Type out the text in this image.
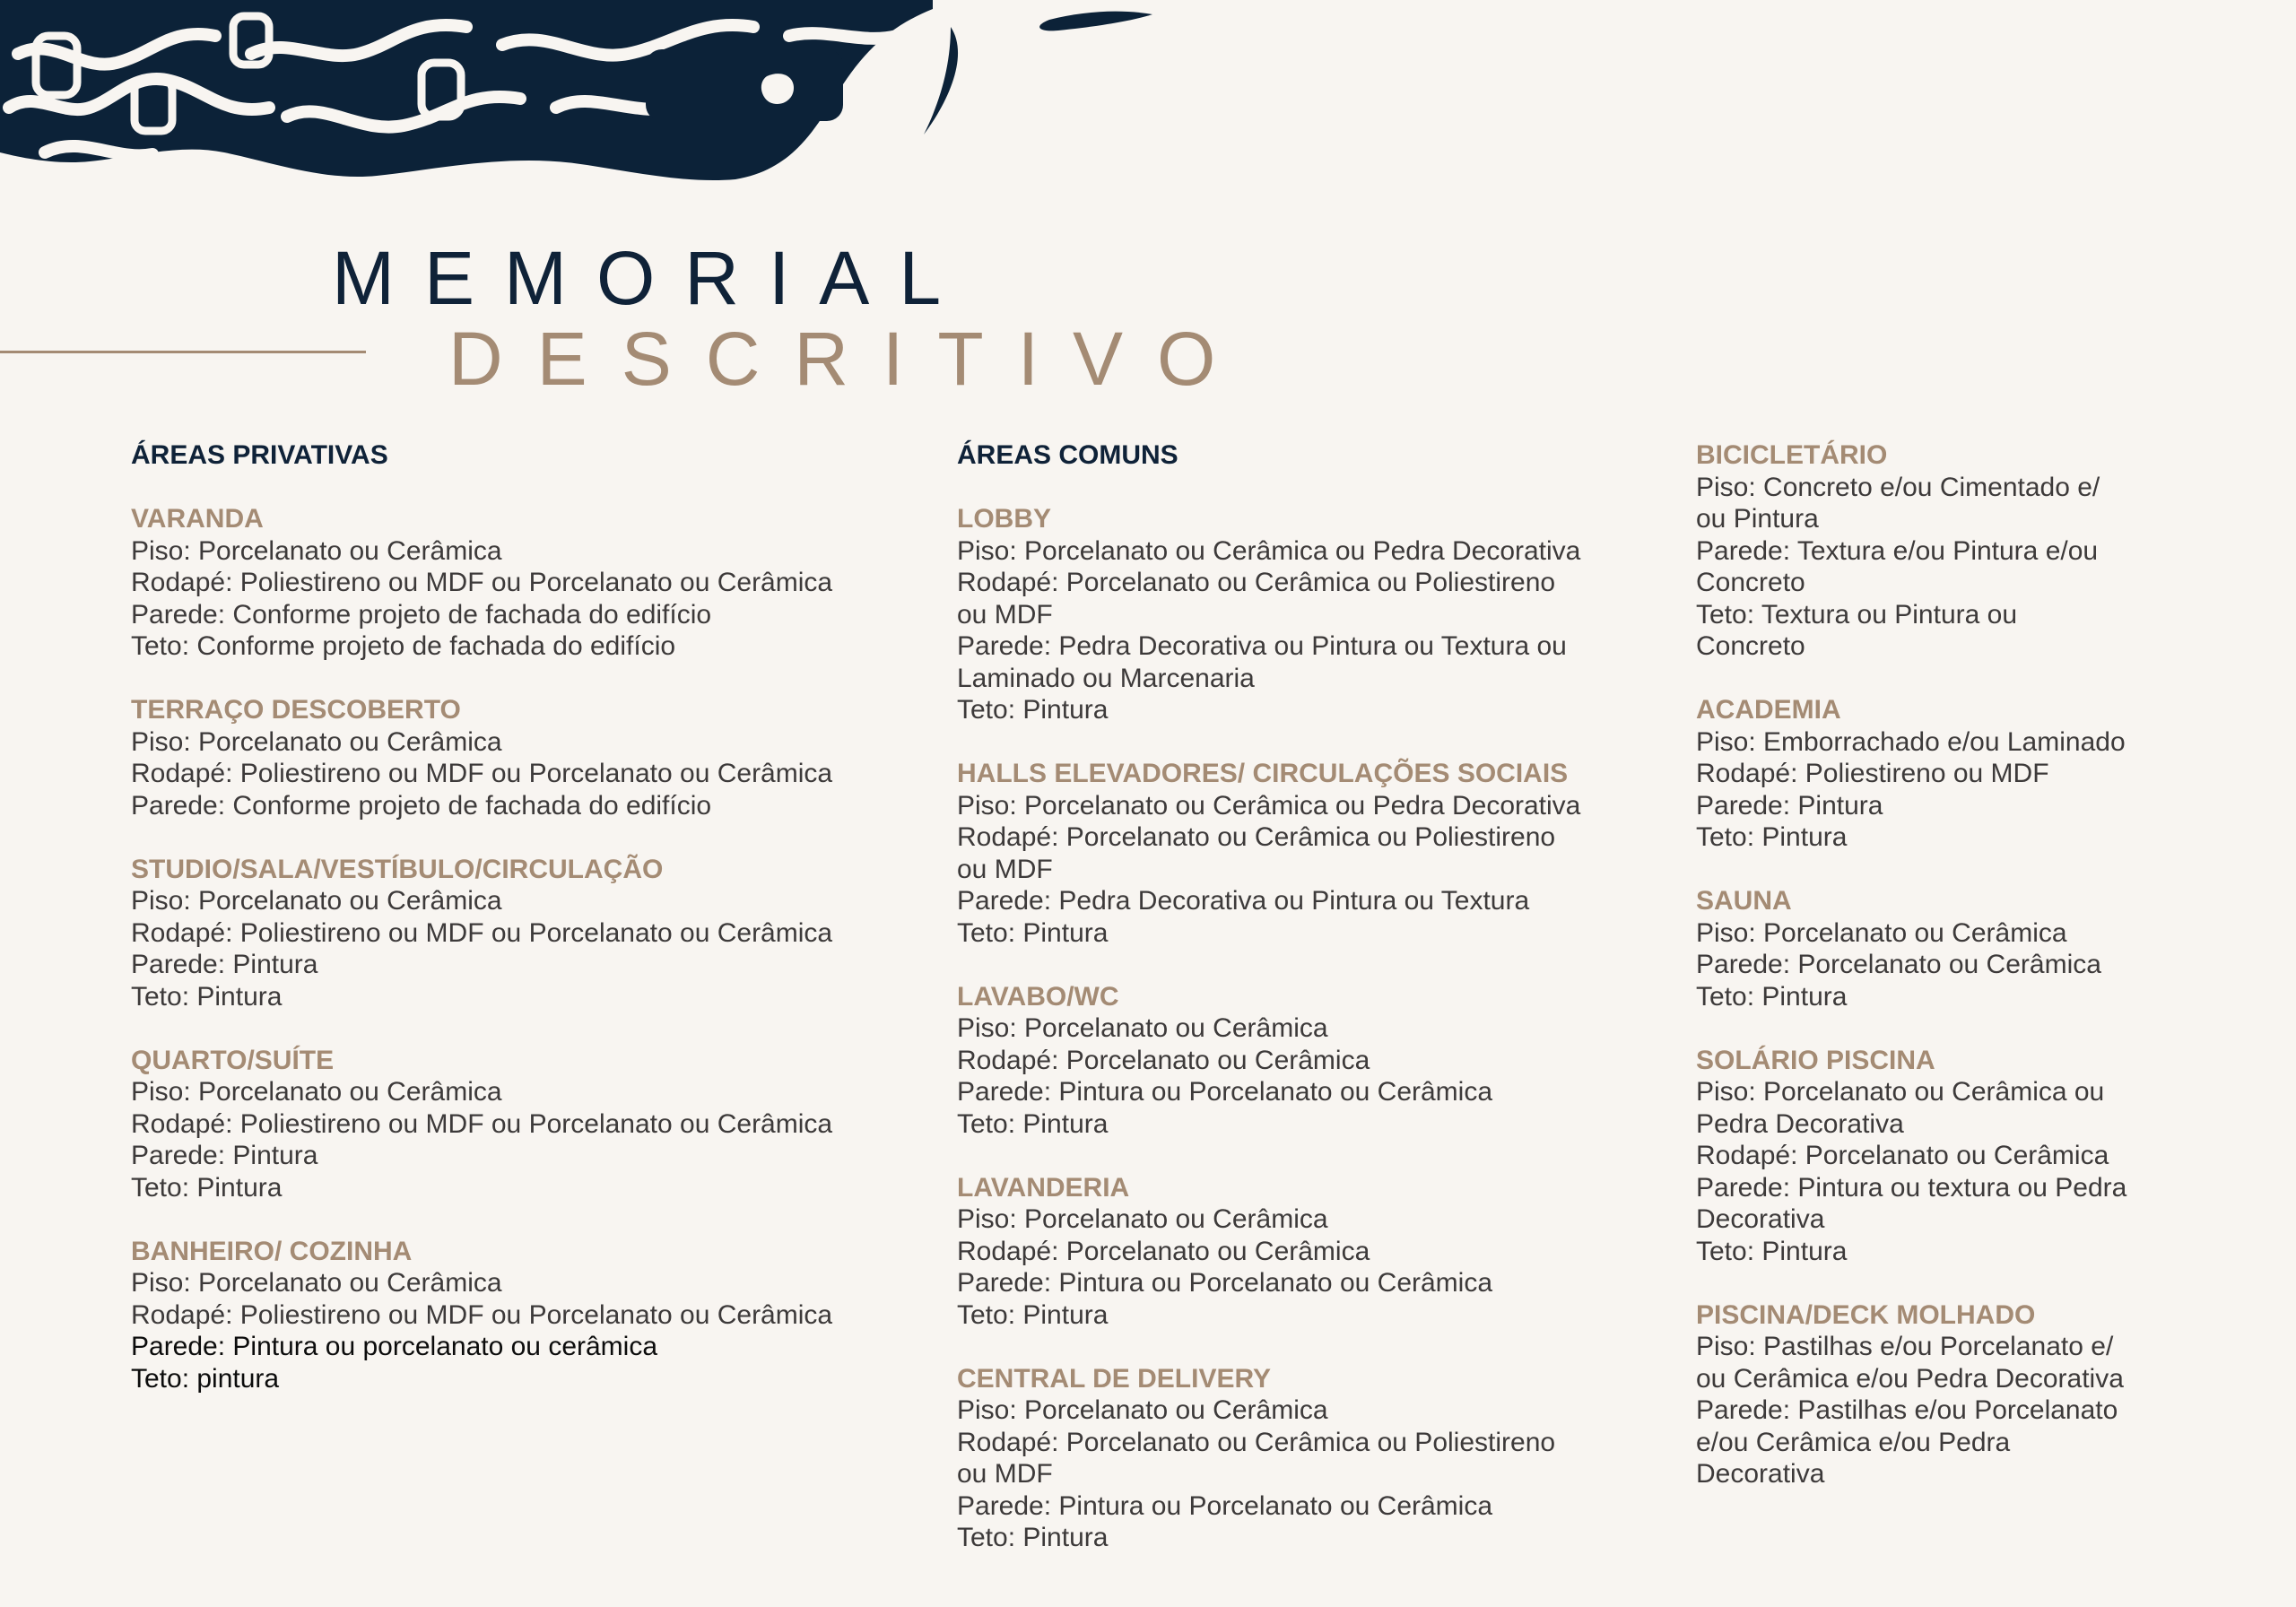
MEMORIAL
DESCRITIVO
ÁREAS PRIVATIVAS
VARANDA
Piso: Porcelanato ou Cerâmica
Rodapé: Poliestireno ou MDF ou Porcelanato ou Cerâmica
Parede: Conforme projeto de fachada do edifício
Teto: Conforme projeto de fachada do edifício
TERRAÇO DESCOBERTO
Piso: Porcelanato ou Cerâmica
Rodapé: Poliestireno ou MDF ou Porcelanato ou Cerâmica
Parede: Conforme projeto de fachada do edifício
STUDIO/SALA/VESTÍBULO/CIRCULAÇÃO
Piso: Porcelanato ou Cerâmica
Rodapé: Poliestireno ou MDF ou Porcelanato ou Cerâmica
Parede: Pintura
Teto: Pintura
QUARTO/SUÍTE
Piso: Porcelanato ou Cerâmica
Rodapé: Poliestireno ou MDF ou Porcelanato ou Cerâmica
Parede: Pintura
Teto: Pintura
BANHEIRO/ COZINHA
Piso: Porcelanato ou Cerâmica
Rodapé: Poliestireno ou MDF ou Porcelanato ou Cerâmica
Parede: Pintura ou porcelanato ou cerâmica
Teto: pintura
ÁREAS COMUNS
LOBBY
Piso: Porcelanato ou Cerâmica ou Pedra Decorativa
Rodapé: Porcelanato ou Cerâmica ou Poliestireno
ou MDF
Parede: Pedra Decorativa ou Pintura ou Textura ou
Laminado ou Marcenaria
Teto: Pintura
HALLS ELEVADORES/ CIRCULAÇÕES SOCIAIS
Piso: Porcelanato ou Cerâmica ou Pedra Decorativa
Rodapé: Porcelanato ou Cerâmica ou Poliestireno
ou MDF
Parede: Pedra Decorativa ou Pintura ou Textura
Teto: Pintura
LAVABO/WC
Piso: Porcelanato ou Cerâmica
Rodapé: Porcelanato ou Cerâmica
Parede: Pintura ou Porcelanato ou Cerâmica
Teto: Pintura
LAVANDERIA
Piso: Porcelanato ou Cerâmica
Rodapé: Porcelanato ou Cerâmica
Parede: Pintura ou Porcelanato ou Cerâmica
Teto: Pintura
CENTRAL DE DELIVERY
Piso: Porcelanato ou Cerâmica
Rodapé: Porcelanato ou Cerâmica ou Poliestireno
ou MDF
Parede: Pintura ou Porcelanato ou Cerâmica
Teto: Pintura
BICICLETÁRIO
Piso: Concreto e/ou Cimentado e/
ou Pintura
Parede: Textura e/ou Pintura e/ou
Concreto
Teto: Textura ou Pintura ou
Concreto
ACADEMIA
Piso: Emborrachado e/ou Laminado
Rodapé: Poliestireno ou MDF
Parede: Pintura
Teto: Pintura
SAUNA
Piso: Porcelanato ou Cerâmica
Parede: Porcelanato ou Cerâmica
Teto: Pintura
SOLÁRIO PISCINA
Piso: Porcelanato ou Cerâmica ou
Pedra Decorativa
Rodapé: Porcelanato ou Cerâmica
Parede: Pintura ou textura ou Pedra
Decorativa
Teto: Pintura
PISCINA/DECK MOLHADO
Piso: Pastilhas e/ou Porcelanato e/
ou Cerâmica e/ou Pedra Decorativa
Parede: Pastilhas e/ou Porcelanato
e/ou Cerâmica e/ou Pedra
Decorativa
